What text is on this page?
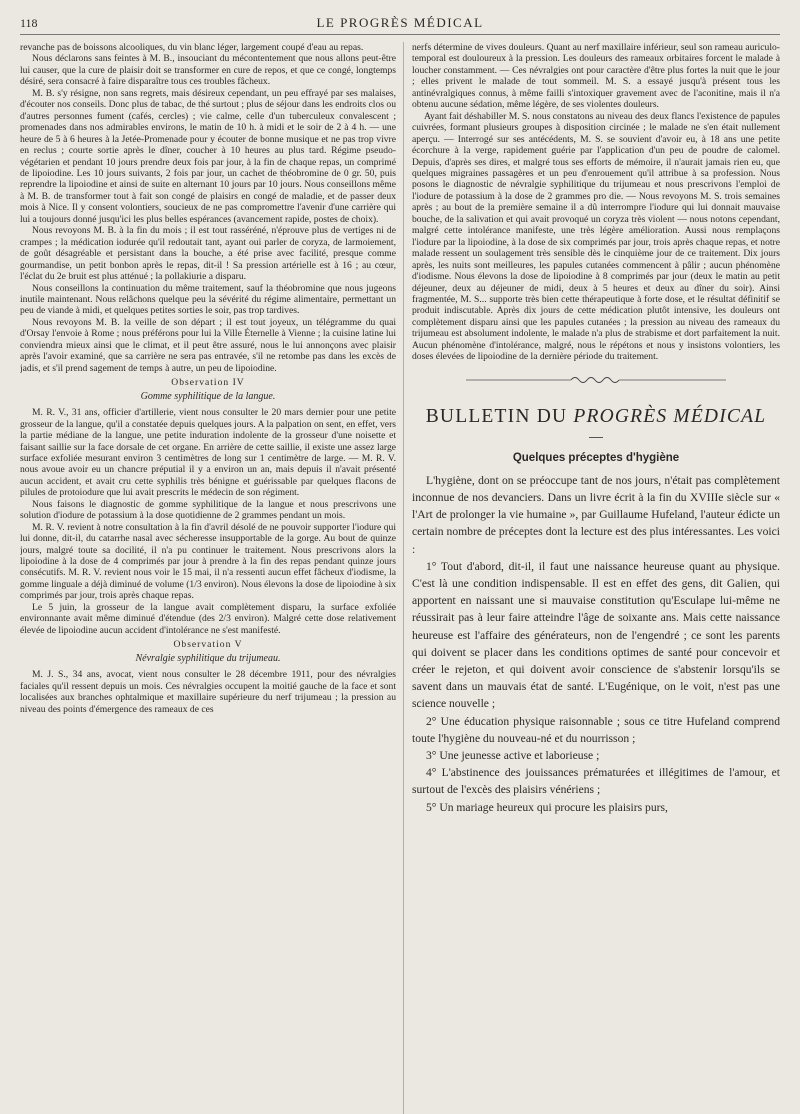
118	LE PROGRÈS MÉDICAL

revanche pas de boissons alcooliques, du vin blanc léger, largement coupé d'eau au repas.

Nous déclarons sans feintes à M. B., insouciant du mécontentement que nous allons peut-être lui causer, que la cure de plaisir doit se transformer en cure de repos, et que ce congé, longtemps désiré, sera consacré à faire disparaître tous ces troubles fâcheux.

M. B. s'y résigne, non sans regrets, mais désireux cependant, un peu effrayé par ses malaises, d'écouter nos conseils. Donc plus de tabac, de thé surtout ; plus de séjour dans les endroits clos ou d'autres personnes fument (cafés, cercles) ; vie calme, celle d'un tuberculeux convalescent ; promenades dans nos admirables environs, le matin de 10 h. à midi et le soir de 2 à 4 h. — une heure de 5 à 6 heures à la Jetée-Promenade pour y écouter de bonne musique et ne pas trop vivre en reclus ; courte sortie après le dîner, coucher à 10 heures au plus tard. Régime pseudo-végétarien et pendant 10 jours prendre deux fois par jour, à la fin de chaque repas, un comprimé de lipoiodine. Les 10 jours suivants, 2 fois par jour, un cachet de théobromine de 0 gr. 50, puis reprendre la lipoiodine et ainsi de suite en alternant 10 jours par 10 jours. Nous conseillons même à M. B. de transformer tout à fait son congé de plaisirs en congé de maladie, et de passer deux mois à Nice. Il y consent volontiers, soucieux de ne pas compromettre l'avenir d'une carrière qui lui a toujours donné jusqu'ici les plus belles espérances (avancement rapide, postes de choix).

Nous revoyons M. B. à la fin du mois ; il est tout rasséréné, n'éprouve plus de vertiges ni de crampes ; la médication iodurée qu'il redoutait tant, ayant oui parler de coryza, de larmoiement, de goût désagréable et persistant dans la bouche, a été prise avec facilité, presque comme gourmandise, un petit bonbon après le repas, dit-il ! Sa pression artérielle est à 16 ; au cœur, l'éclat du 2e bruit est plus atténué ; la pollakiurie a disparu.

Nous conseillons la continuation du même traitement, sauf la théobromine que nous jugeons inutile maintenant. Nous relâchons quelque peu la sévérité du régime alimentaire, permettant un peu de viande à midi, et quelques petites sorties le soir, pas trop tardives.

Nous revoyons M. B. la veille de son départ ; il est tout joyeux, un télégramme du quai d'Orsay l'envoie à Rome ; nous préférons pour lui la Ville Éternelle à Vienne ; la cuisine latine lui conviendra mieux ainsi que le climat, et il peut être assuré, nous le lui annonçons avec plaisir après l'avoir examiné, que sa carrière ne sera pas entravée, s'il ne retombe pas dans les excès de jadis, et s'il prend sagement de temps à autre, un peu de lipoiodine.

Observation IV
Gomme syphilitique de la langue.

M. R. V., 31 ans, officier d'artillerie, vient nous consulter le 20 mars dernier pour une petite grosseur de la langue, qu'il a constatée depuis quelques jours. A la palpation on sent, en effet, vers la partie médiane de la langue, une petite induration indolente de la grosseur d'une noisette et faisant saillie sur la face dorsale de cet organe. En arrière de cette saillie, il existe une assez large surface exfoliée mesurant environ 3 centimètres de long sur 1 centimètre de large. — M. R. V. nous avoue avoir eu un chancre préputial il y a environ un an, mais depuis il n'avait présenté aucun accident, et avait cru cette syphilis très bénigne et guérissable par quelques flacons de pilules de protoiodure que lui avait prescrits le médecin de son régiment.

Nous faisons le diagnostic de gomme syphilitique de la langue et nous prescrivons une solution d'iodure de potassium à la dose quotidienne de 2 grammes pendant un mois.

M. R. V. revient à notre consultation à la fin d'avril désolé de ne pouvoir supporter l'iodure qui lui donne, dit-il, du catarrhe nasal avec sécheresse insupportable de la gorge. Au bout de quinze jours, malgré toute sa docilité, il n'a pu continuer le traitement. Nous prescrivons alors la lipoiodine à la dose de 4 comprimés par jour à prendre à la fin des repas pendant quinze jours consécutifs. M. R. V. revient nous voir le 15 mai, il n'a ressenti aucun effet fâcheux d'iodisme, la gomme linguale a déjà diminué de volume (1/3 environ). Nous élevons la dose de lipoiodine à six comprimés par jour, trois après chaque repas.

Le 5 juin, la grosseur de la langue avait complètement disparu, la surface exfoliée environnante avait même diminué d'étendue (des 2/3 environ). Malgré cette dose relativement élevée de lipoiodine aucun accident d'intolérance ne s'est manifesté.

Observation V
Névralgie syphilitique du trijumeau.

M. J. S., 34 ans, avocat, vient nous consulter le 28 décembre 1911, pour des névralgies faciales qu'il ressent depuis un mois. Ces névralgies occupent la moitié gauche de la face et sont localisées aux branches ophtalmique et maxillaire supérieure du nerf trijumeau ; la pression au niveau des points d'émergence des rameaux de ces

nerfs détermine de vives douleurs. Quant au nerf maxillaire inférieur, seul son rameau auriculo-temporal est douloureux à la pression. Les douleurs des rameaux orbitaires forcent le malade à loucher constamment. — Ces névralgies ont pour caractère d'être plus fortes la nuit que le jour ; elles privent le malade de tout sommeil. M. S. a essayé jusqu'à présent tous les antinévralgiques connus, à même failli s'intoxiquer gravement avec de l'aconitine, mais il n'a obtenu aucune sédation, même légère, de ses violentes douleurs.

Ayant fait déshabiller M. S. nous constatons au niveau des deux flancs l'existence de papules cuivrées, formant plusieurs groupes à disposition circinée ; le malade ne s'en était nullement aperçu. — Interrogé sur ses antécédents, M. S. se souvient d'avoir eu, à 18 ans une petite écorchure à la verge, rapidement guérie par l'application d'un peu de poudre de calomel. Depuis, d'après ses dires, et malgré tous ses efforts de mémoire, il n'aurait jamais rien eu, que quelques migraines passagères et un peu d'enrouement qu'il attribue à sa profession. Nous posons le diagnostic de névralgie syphilitique du trijumeau et nous prescrivons l'emploi de l'iodure de potassium à la dose de 2 grammes pro die. — Nous revoyons M. S. trois semaines après ; au bout de la première semaine il a dû interrompre l'iodure qui lui donnait mauvaise bouche, de la salivation et qui avait provoqué un coryza très violent — nous notons cependant, malgré cette intolérance manifeste, une très légère amélioration. Aussi nous remplaçons l'iodure par la lipoiodine, à la dose de six comprimés par jour, trois après chaque repas, et notre malade ressent un soulagement très sensible dès le cinquième jour de ce traitement. Dix jours après, les nuits sont meilleures, les papules cutanées commencent à pâlir ; aucun phénomène d'iodisme. Nous élevons la dose de lipoiodine à 8 comprimés par jour (deux le matin au petit déjeuner, deux au déjeuner de midi, deux à 5 heures et deux au dîner du soir). Ainsi fragmentée, M. S... supporte très bien cette thérapeutique à forte dose, et le résultat définitif se produit indiscutable. Après dix jours de cette médication plutôt intensive, les douleurs ont complètement disparu ainsi que les papules cutanées ; la pression au niveau des rameaux du trijumeau est absolument indolente, le malade n'a plus de strabisme et dort parfaitement la nuit. Aucun phénomène d'intolérance, malgré, nous le répétons et nous y insistons volontiers, les doses élevées de lipoiodine de la dernière période du traitement.

BULLETIN DU PROGRÈS MÉDICAL
Quelques préceptes d'hygiène

L'hygiène, dont on se préoccupe tant de nos jours, n'était pas complètement inconnue de nos devanciers. Dans un livre écrit à la fin du XVIIIe siècle sur « l'Art de prolonger la vie humaine », par Guillaume Hufeland, l'auteur édicte un certain nombre de préceptes dont la lecture est des plus intéressantes. Les voici :

1° Tout d'abord, dit-il, il faut une naissance heureuse quant au physique. C'est là une condition indispensable. Il est en effet des gens, dit Galien, qui apportent en naissant une si mauvaise constitution qu'Esculape lui-même ne réussirait pas à leur faire atteindre l'âge de soixante ans. Mais cette naissance heureuse est l'affaire des générateurs, non de l'engendré ; ce sont les parents qui doivent se placer dans les conditions optimes de santé pour concevoir et créer le rejeton, et qui doivent avoir conscience de s'abstenir lorsqu'ils se savent dans un mauvais état de santé. L'Eugénique, on le voit, n'est pas une science nouvelle ;

2° Une éducation physique raisonnable ; sous ce titre Hufeland comprend toute l'hygiène du nouveau-né et du nourrisson ;

3° Une jeunesse active et laborieuse ;

4° L'abstinence des jouissances prématurées et illégitimes de l'amour, et surtout de l'excès des plaisirs vénériens ;

5° Un mariage heureux qui procure les plaisirs purs,
